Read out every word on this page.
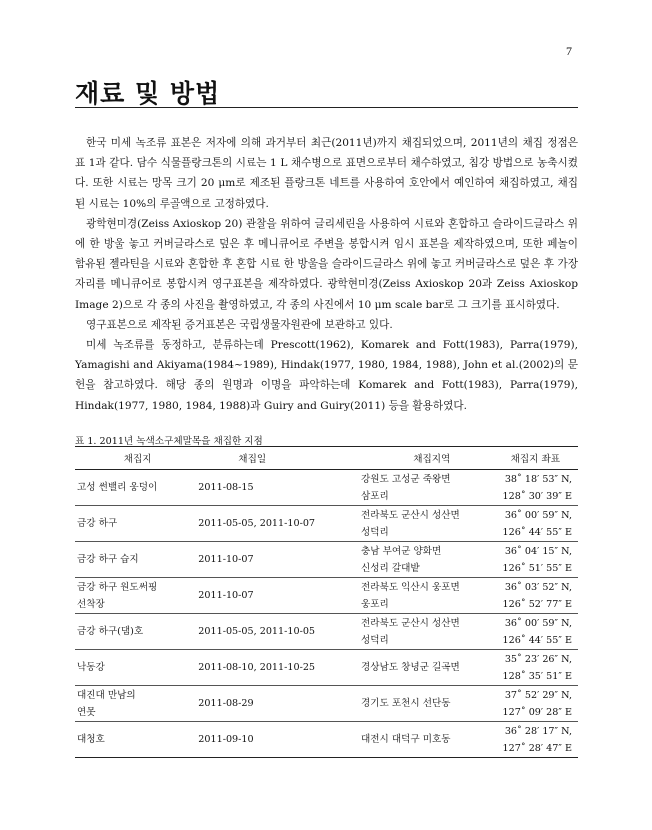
7
재료 및 방법

한국 미세 녹조류 표본은 저자에 의해 과거부터 최근(2011년)까지 채집되었으며, 2011년의 채집 정점은 표 1과 같다. 담수 식물플랑크톤의 시료는 1 L 채수병으로 표면으로부터 채수하였고, 침강 방법으로 농축시켰다. 또한 시료는 망목 크기 20 μm로 제조된 플랑크톤 네트를 사용하여 호안에서 예인하여 채집하였고, 채집된 시료는 10%의 루골액으로 고정하였다.

광학현미경(Zeiss Axioskop 20) 관찰을 위하여 글리세린을 사용하여 시료와 혼합하고 슬라이드글라스 위에 한 방울 놓고 커버글라스로 덮은 후 메니큐어로 주변을 봉합시켜 임시 표본을 제작하였으며, 또한 페놀이 함유된 젤라틴을 시료와 혼합한 후 혼합 시료 한 방울을 슬라이드글라스 위에 놓고 커버글라스로 덮은 후 가장자리를 메니큐어로 봉합시켜 영구표본을 제작하였다. 광학현미경(Zeiss Axioskop 20과 Zeiss Axioskop Image 2)으로 각 종의 사진을 촬영하였고, 각 종의 사진에서 10 μm scale bar로 그 크기를 표시하였다.

영구표본으로 제작된 증거표본은 국립생물자원관에 보관하고 있다.

미세 녹조류를 동정하고, 분류하는데 Prescott(1962), Komarek and Fott(1983), Parra(1979), Yamagishi and Akiyama(1984~1989), Hindak(1977, 1980, 1984, 1988), John et al.(2002)의 문헌을 참고하였다. 해당 종의 원명과 이명을 파악하는데 Komarek and Fott(1983), Parra(1979), Hindak(1977, 1980, 1984, 1988)과 Guiry and Guiry(2011) 등을 활용하였다.

표 1. 2011년 녹색소구체말목을 채집한 지점
채집지	채집일	채집지역	채집지 좌표
고성 썬밸리 웅덩이	2011-08-15	강원도 고성군 죽왕면
삼포리	38˚ 18′ 53″ N,
128˚ 30′ 39″ E

금강 하구	2011-05-05, 2011-10-07	전라북도 군산시 성산면
성덕리	36˚ 00′ 59″ N,
126˚ 44′ 55″ E

금강 하구 습지	2011-10-07	충남 부여군 양화면
신성리 갈대밭	36˚ 04′ 15″ N,
126˚ 51′ 55″ E

금강 하구 원도써핑
선착장	2011-10-07	전라북도 익산시 웅포면
웅포리	36˚ 03′ 52″ N,
126˚ 52′ 77″ E

금강 하구(댐)호	2011-05-05, 2011-10-05	전라북도 군산시 성산면
성덕리	36˚ 00′ 59″ N,
126˚ 44′ 55″ E

낙동강	2011-08-10, 2011-10-25	경상남도 창녕군 길곡면	35˚ 23′ 26″ N,
128˚ 35′ 51″ E

대진대 만남의
연못	2011-08-29	경기도 포천시 선단동	37˚ 52′ 29″ N,
127˚ 09′ 28″ E

대청호	2011-09-10	대전시 대덕구 미호동	36˚ 28′ 17″ N,
127˚ 28′ 47″ E
